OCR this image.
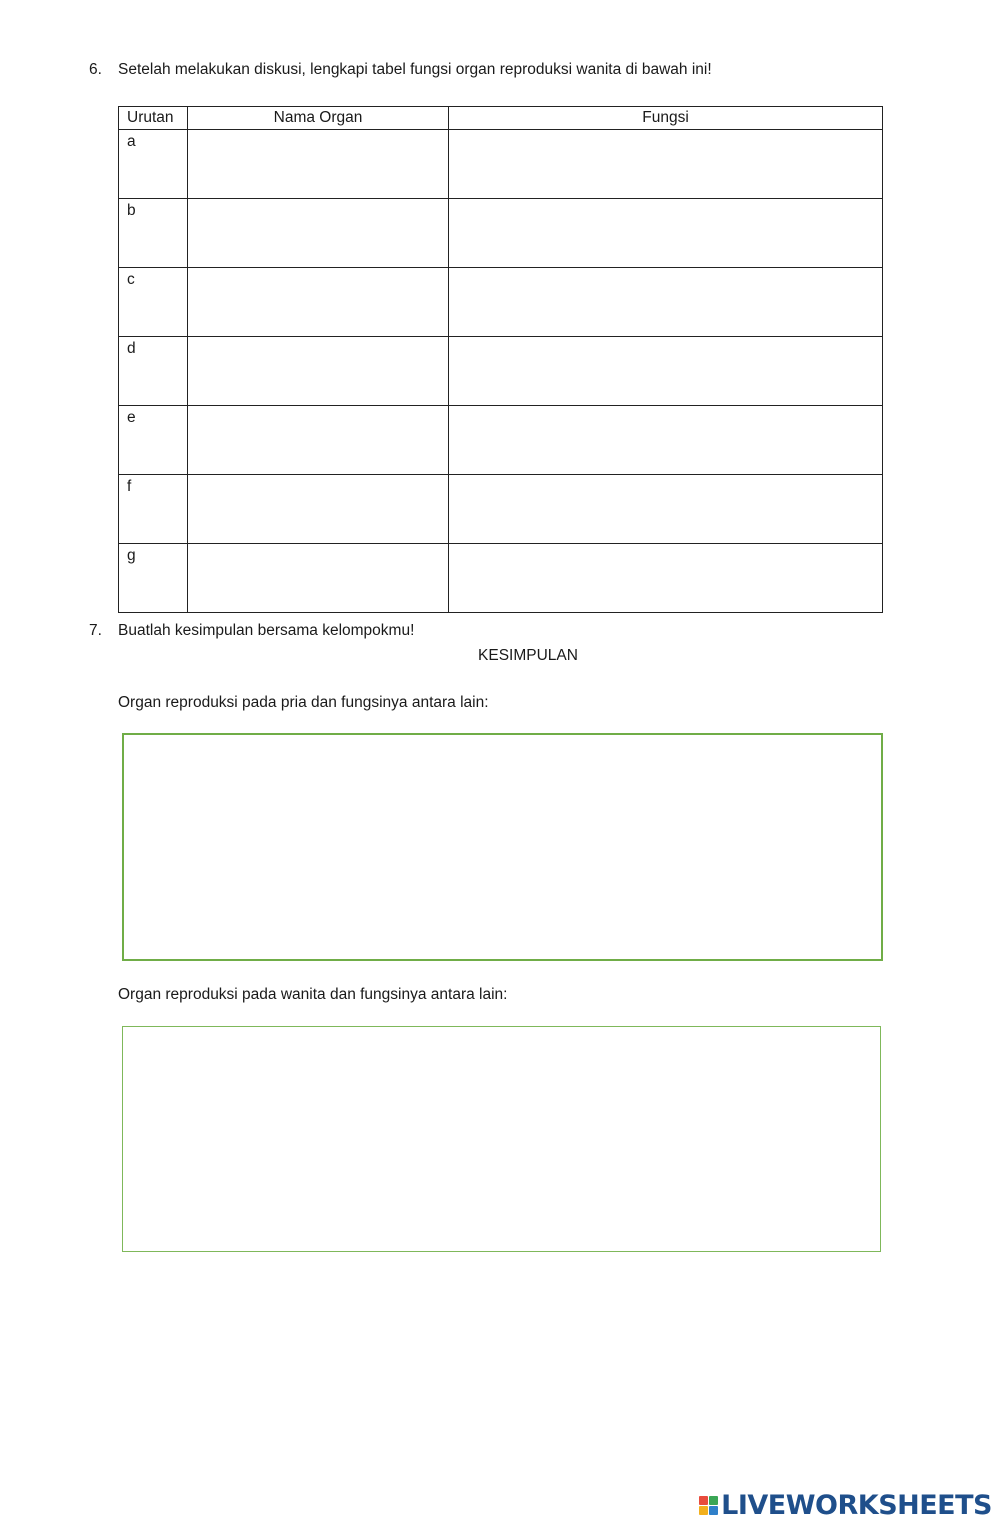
6. Setelah melakukan diskusi, lengkapi tabel fungsi organ reproduksi wanita di bawah ini!
Urutan	Nama Organ	Fungsi
a		
b		
c		
d		
e		
f		
g		
7. Buatlah kesimpulan bersama kelompokmu!
KESIMPULAN
Organ reproduksi pada pria dan fungsinya antara lain:
Organ reproduksi pada wanita dan fungsinya antara lain:
LIVEWORKSHEETS
